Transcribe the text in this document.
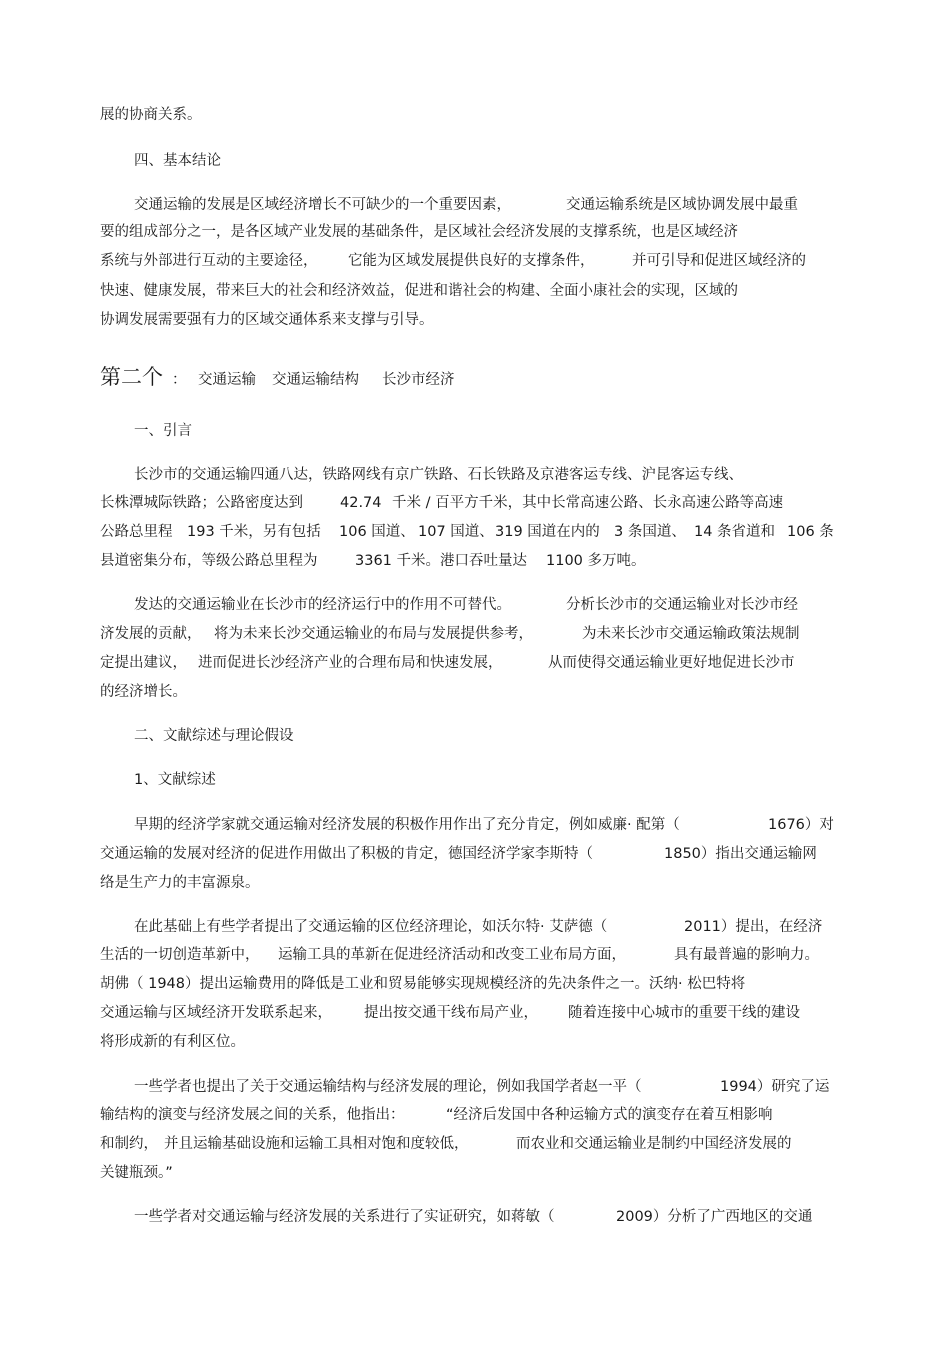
展的协商关系。
四、基本结论
交通运输的发展是区域经济增长不可缺少的一个重要因素，	交通运输系统是区域协调发展中最重
要的组成部分之一，是各区域产业发展的基础条件，是区域社会经济发展的支撑系统，也是区域经济
系统与外部进行互动的主要途径， 它能为区域发展提供良好的支撑条件，	并可引导和促进区域经济的
快速、健康发展，带来巨大的社会和经济效益，促进和谐社会的构建、全面小康社会的实现，区域的
协调发展需要强有力的区域交通体系来支撑与引导。
第二个 ： 交通运输 交通运输结构 长沙市经济
一、引言
长沙市的交通运输四通八达，铁路网线有京广铁路、石长铁路及京港客运专线、沪昆客运专线、
长株潭城际铁路；公路密度达到	42.74 千米 / 百平方千米，其中长常高速公路、长永高速公路等高速
公路总里程 193 千米，另有包括 106 国道、 107 国道、 319 国道在内的 3 条国道、 14 条省道和 106 条
县道密集分布，等级公路总里程为	3361 千米。港口吞吐量达 1100 多万吨。
发达的交通运输业在长沙市的经济运行中的作用不可替代。	分析长沙市的交通运输业对长沙市经
济发展的贡献， 将为未来长沙交通运输业的布局与发展提供参考，	为未来长沙市交通运输政策法规制
定提出建议， 进而促进长沙经济产业的合理布局和快速发展，	从而使得交通运输业更好地促进长沙市
的经济增长。
二、文献综述与理论假设
1、文献综述
早期的经济学家就交通运输对经济发展的积极作用作出了充分肯定，例如威廉· 配第（	1676）对
交通运输的发展对经济的促进作用做出了积极的肯定，德国经济学家李斯特（	1850）指出交通运输网
络是生产力的丰富源泉。
在此基础上有些学者提出了交通运输的区位经济理论，如沃尔特· 艾萨德（	2011）提出，在经济
生活的一切创造革新中， 运输工具的革新在促进经济活动和改变工业布局方面，	具有最普遍的影响力。
胡佛（ 1948）提出运输费用的降低是工业和贸易能够实现规模经济的先决条件之一。沃纳· 松巴特将
交通运输与区域经济开发联系起来， 提出按交通干线布局产业， 随着连接中心城市的重要干线的建设
将形成新的有利区位。
一些学者也提出了关于交通运输结构与经济发展的理论，例如我国学者赵一平（	1994）研究了运
输结构的演变与经济发展之间的关系，他指出：	“经济后发国中各种运输方式的演变存在着互相影响
和制约， 并且运输基础设施和运输工具相对饱和度较低，	而农业和交通运输业是制约中国经济发展的
关键瓶颈。”
一些学者对交通运输与经济发展的关系进行了实证研究，如蒋敏（	2009）分析了广西地区的交通
